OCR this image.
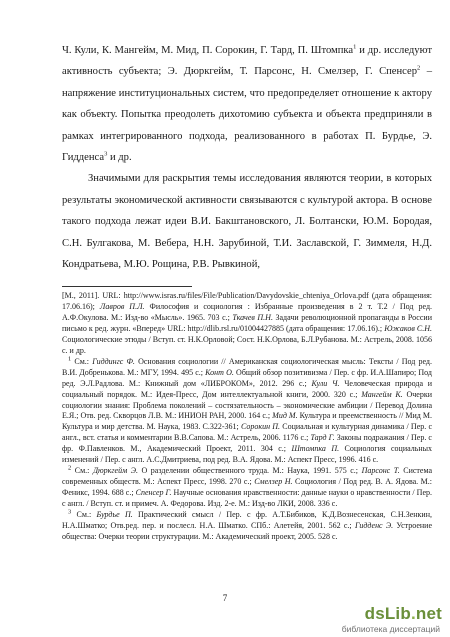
Ч. Кули, К. Мангейм, М. Мид, П. Сорокин, Г. Тард, П. Штомпка$^1$ и др. исследуют активность субъекта; Э. Дюркгейм, Т. Парсонс, Н. Смелзер, Г. Спенсер$^2$ – напряжение институциональных систем, что предопределяет отношение к актору как объекту. Попытка преодолеть дихотомию субъекта и объекта предприняли в рамках интегрированного подхода, реализованного в работах П. Бурдье, Э. Гидденса$^3$ и др.

Значимыми для раскрытия темы исследования являются теории, в которых результаты экономической активности связываются с культурой актора. В основе такого подхода лежат идеи В.И. Бакштановского, Л. Болтански, Ю.М. Бородая, С.Н. Булгакова, М. Вебера, Н.Н. Зарубиной, Т.И. Заславской, Г. Зиммеля, Н.Д. Кондратьева, М.Ю. Рощина, Р.В. Рывкиной,

[М., 2011]. URL: http://www.isras.ru/files/File/Publication/Davydovskie_chteniya_Orlova.pdf (дата обращения: 17.06.16); Лавров П.Л. Философия и социология : Избранные произведения в 2 т. Т.2 / Под ред. А.Ф.Окулова. М.: Изд-во «Мысль». 1965. 703 с.; Ткачев П.Н. Задачи революционной пропаганды в России письмо к ред. журн. «Вперед» URL: http://dlib.rsl.ru/01004427885 (дата обращения: 17.06.16).; Южаков С.Н. Социологические этюды / Вступ. ст. Н.К.Орловой; Сост. Н.К.Орлова, Б.Л.Рубанова. М.: Астрель, 2008. 1056 с. и др.

$^1$ См.: Гиддингс Ф. Основания социологии // Американская социологическая мысль: Тексты / Под ред. В.И. Добренькова. М.: МГУ, 1994. 495 с.; Конт О. Общий обзор позитивизма / Пер. с фр. И.А.Шапиро; Под ред. Э.Л.Радлова. М.: Книжный дом «ЛИБРОКОМ», 2012. 296 с.; Кули Ч. Человеческая природа и социальный порядок. М.: Идея-Пресс, Дом интеллектуальной книги, 2000. 320 с.; Мангейм К. Очерки социологии знания: Проблема поколений – состязательность – экономические амбиции / Перевод Долина Е.Я.; Отв. ред. Скворцов Л.В. М.: ИНИОН РАН, 2000. 164 с.; Мид М. Культура и преемственность // Мид М. Культура и мир детства. М. Наука, 1983. С.322-361; Сорокин П. Социальная и культурная динамика / Пер. с англ., вст. статья и комментарии В.В.Сапова. М.: Астрель, 2006. 1176 с.; Тард Г. Законы подражания / Пер. с фр. Ф.Павленков. М., Академический Проект, 2011. 304 с.; Штомпка П. Социология социальных изменений / Пер. с англ. А.С.Дмитриева, под ред. В.А. Ядова. М.: Аспект Пресс, 1996. 416 с.

$^2$ См.: Дюркгейм Э. О разделении общественного труда. М.: Наука, 1991. 575 с.; Парсонс Т. Система современных обществ. М.: Аспект Пресс, 1998. 270 с.; Смелзер Н. Социология / Под ред. В. А. Ядова. М.: Феникс, 1994. 688 с.; Спенсер Г. Научные основания нравственности: данные науки о нравственности / Пер. с англ. / Вступ. ст. и примеч. А. Федорова. Изд. 2-е. М.: Изд-во ЛКИ, 2008. 336 с.

$^3$ См.: Бурдье П. Практический смысл / Пер. с фр. А.Т.Бибиков, К.Д.Вознесенская, С.Н.Зенкин, Н.А.Шматко; Отв.ред. пер. и послесл. Н.А. Шматко. СПб.: Алетейя, 2001. 562 с.; Гидденс Э. Устроение общества: Очерки теории структурации. М.: Академический проект, 2005. 528 с.

7
dsLib.net
библиотека диссертаций
